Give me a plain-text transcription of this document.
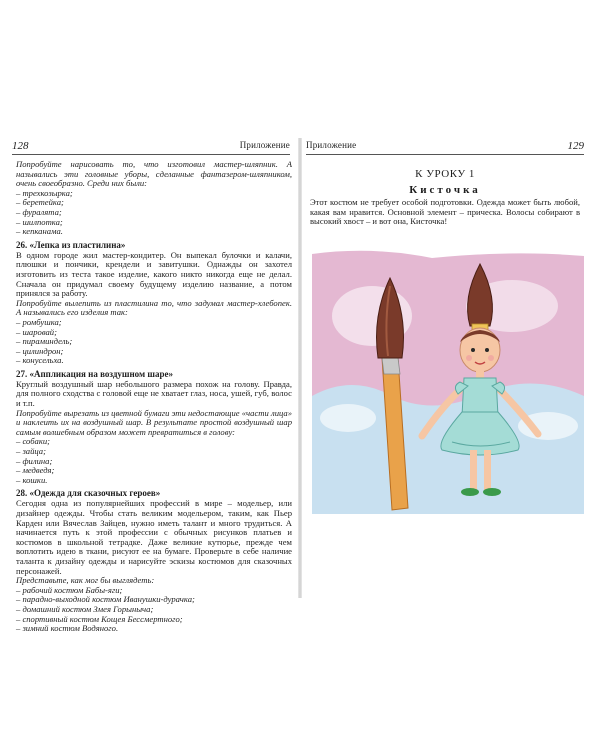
128	Приложение

Попробуйте нарисовать то, что изготовил мастер-шляпник. А назывались эти головные уборы, сделанные фантазером-шляпником, очень своеобразно. Среди них были:

– трехкозырка;
– беретейка;
– фуралята;
– шилпотка;
– кепканама.
26. «Лепка из пластилина»

В одном городе жил мастер-кондитер. Он выпекал булочки и калачи, плюшки и пончики, крендели и завитушки. Однажды он захотел изготовить из теста такое изделие, какого никто никогда еще не делал. Сначала он придумал своему будущему изделию название, а потом принялся за работу.

Попробуйте вылепить из пластилина то, что задумал мастер-хлебопек. А назывались его изделия так:

– ромбушка;
– шаровай;
– пираминдель;
– цилиндрон;
– конусельха.
27. «Аппликация на воздушном шаре»

Круглый воздушный шар небольшого размера похож на голову. Правда, для полного сходства с головой еще не хватает глаз, носа, ушей, губ, волос и т.п.

Попробуйте вырезать из цветной бумаги эти недостающие «части лица» и наклеить их на воздушный шар. В результате простой воздушный шар самым волшебным образом может превратиться в голову:

– собаки;
– зайца;
– филина;
– медведя;
– кошки.
28. «Одежда для сказочных героев»

Сегодня одна из популярнейших профессий в мире – модельер, или дизайнер одежды. Чтобы стать великим модельером, таким, как Пьер Карден или Вячеслав Зайцев, нужно иметь талант и много трудиться. А начинается путь к этой профессии с обычных рисунков платьев и костюмов в школьной тетрадке. Даже великие кутюрье, прежде чем воплотить идею в ткани, рисуют ее на бумаге. Проверьте в себе наличие таланта к дизайну одежды и нарисуйте эскизы костюмов для сказочных персонажей.

Представьте, как мог бы выглядеть:

– рабочий костюм Бабы-яги;
– парадно-выходной костюм Иванушки-дурачка;
– домашний костюм Змея Горыныча;
– спортивный костюм Кощея Бессмертного;
– зимний костюм Водяного.
Приложение	129
К УРОКУ 1
Кисточка
Этот костюм не требует особой подготовки. Одежда может быть любой, какая вам нравится. Основной элемент – прическа. Волосы собирают в высокий хвост – и вот она, Кисточка!
